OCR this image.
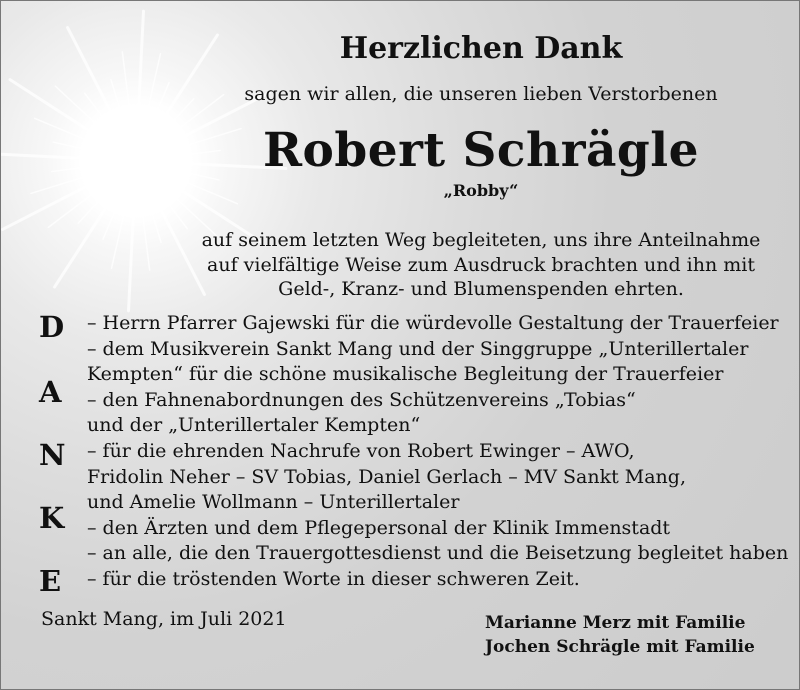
Herzlichen Dank
sagen wir allen, die unseren lieben Verstorbenen
Robert Schrägle
„Robby“
auf seinem letzten Weg begleiteten, uns ihre Anteilnahme
auf vielfältige Weise zum Ausdruck brachten und ihn mit
Geld-, Kranz- und Blumenspenden ehrten.
D
A
N
K
E
– Herrn Pfarrer Gajewski für die würdevolle Gestaltung der Trauerfeier
– dem Musikverein Sankt Mang und der Singgruppe „Unterillertaler
Kempten“ für die schöne musikalische Begleitung der Trauerfeier
– den Fahnenabordnungen des Schützenvereins „Tobias“
und der „Unterillertaler Kempten“
– für die ehrenden Nachrufe von Robert Ewinger – AWO,
Fridolin Neher – SV Tobias, Daniel Gerlach – MV Sankt Mang,
und Amelie Wollmann – Unterillertaler
– den Ärzten und dem Pflegepersonal der Klinik Immenstadt
– an alle, die den Trauergottesdienst und die Beisetzung begleitet haben
– für die tröstenden Worte in dieser schweren Zeit.
Sankt Mang, im Juli 2021	Marianne Merz mit Familie
Jochen Schrägle mit Familie
